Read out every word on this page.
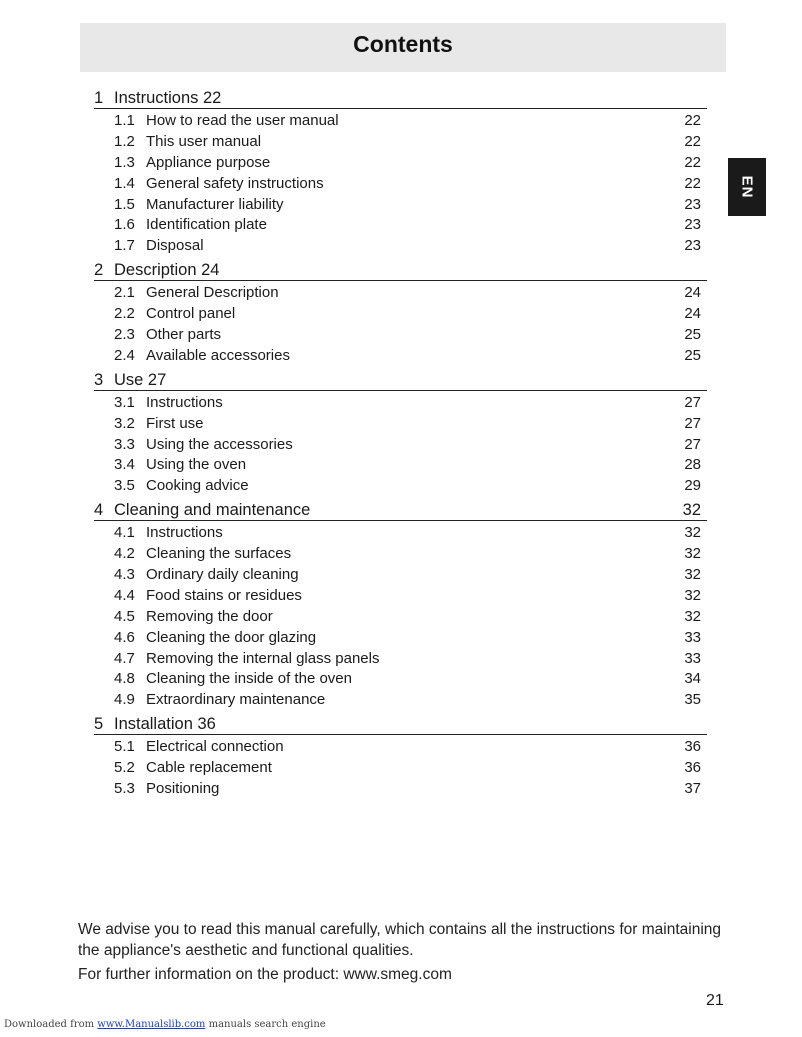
Contents
EN
1 Instructions 22
1.1 How to read the user manual	22
1.2 This user manual	22
1.3 Appliance purpose	22
1.4 General safety instructions	22
1.5 Manufacturer liability	23
1.6 Identification plate	23
1.7 Disposal	23
2 Description 24
2.1 General Description	24
2.2 Control panel	24
2.3 Other parts	25
2.4 Available accessories	25
3 Use 27
3.1 Instructions	27
3.2 First use	27
3.3 Using the accessories	27
3.4 Using the oven	28
3.5 Cooking advice	29
4 Cleaning and maintenance	32
4.1 Instructions	32
4.2 Cleaning the surfaces	32
4.3 Ordinary daily cleaning	32
4.4 Food stains or residues	32
4.5 Removing the door	32
4.6 Cleaning the door glazing	33
4.7 Removing the internal glass panels	33
4.8 Cleaning the inside of the oven	34
4.9 Extraordinary maintenance	35
5 Installation 36
5.1 Electrical connection	36
5.2 Cable replacement	36
5.3 Positioning	37

We advise you to read this manual carefully, which contains all the instructions for maintaining the appliance's aesthetic and functional qualities.

For further information on the product: www.smeg.com

21
Downloaded from www.Manualslib.com manuals search engine
